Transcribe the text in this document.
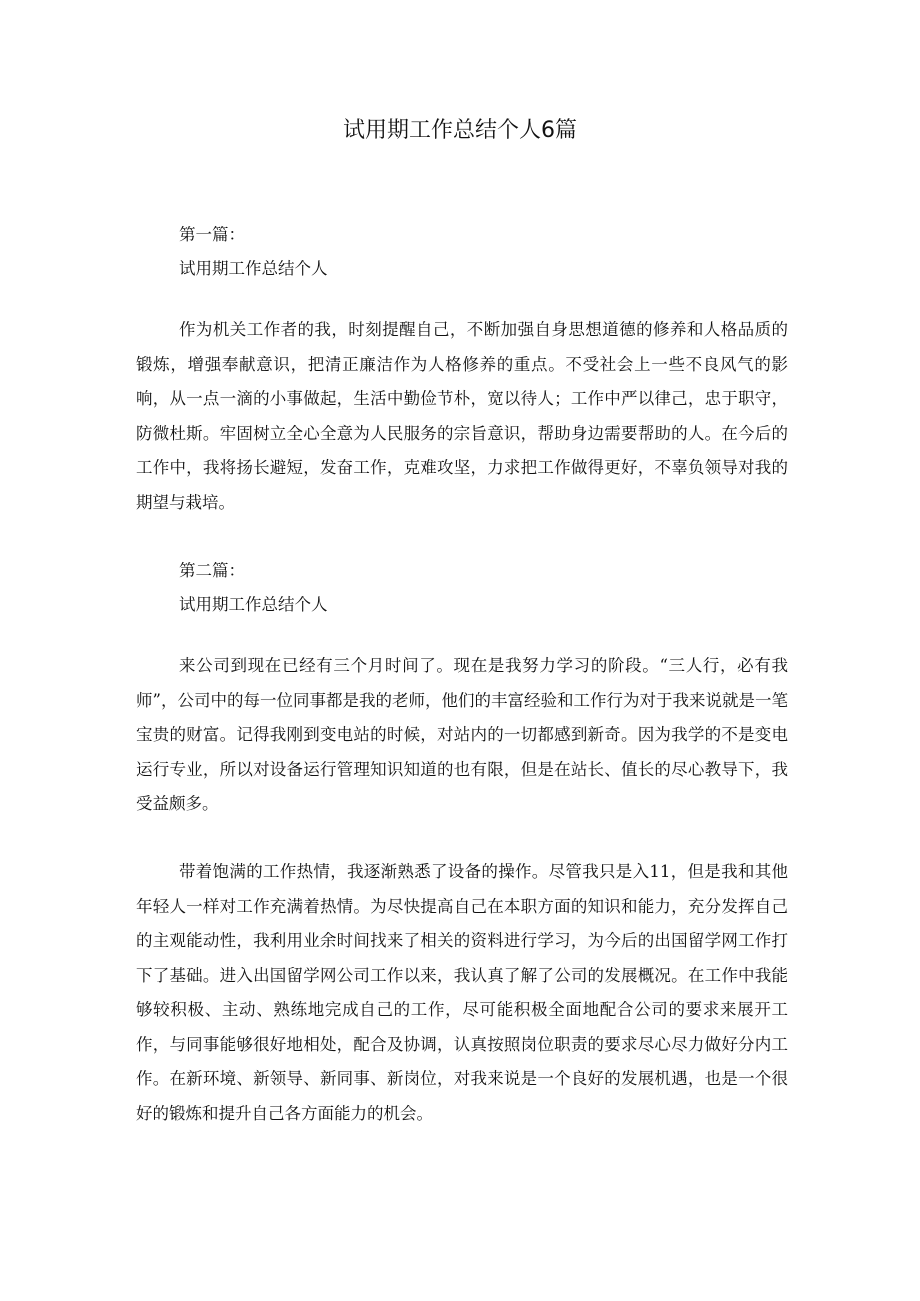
试用期工作总结个人6篇

第一篇：

试用期工作总结个人

作为机关工作者的我，时刻提醒自己，不断加强自身思想道德的修养和人格品质的锻炼，增强奉献意识，把清正廉洁作为人格修养的重点。不受社会上一些不良风气的影响，从一点一滴的小事做起，生活中勤俭节朴，宽以待人；工作中严以律己，忠于职守，防微杜斯。牢固树立全心全意为人民服务的宗旨意识，帮助身边需要帮助的人。在今后的工作中，我将扬长避短，发奋工作，克难攻坚，力求把工作做得更好，不辜负领导对我的期望与栽培。

第二篇：

试用期工作总结个人

来公司到现在已经有三个月时间了。现在是我努力学习的阶段。“三人行，必有我师”，公司中的每一位同事都是我的老师，他们的丰富经验和工作行为对于我来说就是一笔宝贵的财富。记得我刚到变电站的时候，对站内的一切都感到新奇。因为我学的不是变电运行专业，所以对设备运行管理知识知道的也有限，但是在站长、值长的尽心教导下，我受益颇多。

带着饱满的工作热情，我逐渐熟悉了设备的操作。尽管我只是入11，但是我和其他年轻人一样对工作充满着热情。为尽快提高自己在本职方面的知识和能力，充分发挥自己的主观能动性，我利用业余时间找来了相关的资料进行学习，为今后的出国留学网工作打下了基础。进入出国留学网公司工作以来，我认真了解了公司的发展概况。在工作中我能够较积极、主动、熟练地完成自己的工作，尽可能积极全面地配合公司的要求来展开工作，与同事能够很好地相处，配合及协调，认真按照岗位职责的要求尽心尽力做好分内工作。在新环境、新领导、新同事、新岗位，对我来说是一个良好的发展机遇，也是一个很好的锻炼和提升自己各方面能力的机会。
